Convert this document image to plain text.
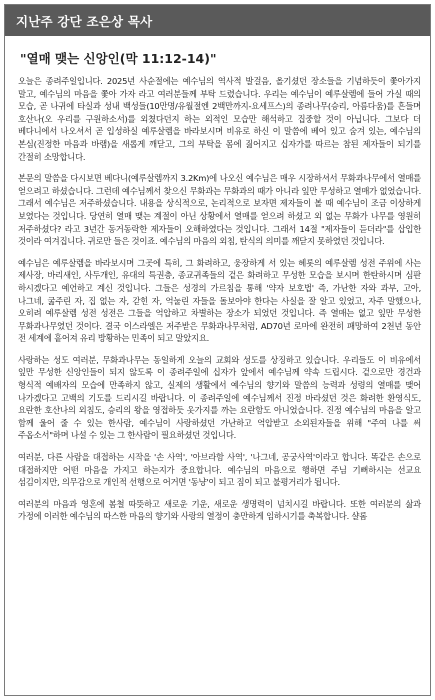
지난주 강단 조은상 목사
"열매 맺는 신앙인(막 11:12-14)"

오늘은 종려주일입니다. 2025년 사순절에는 예수님의 역사적 발걸음, 올기셨던 장소들을 기념하듯이 쫓아가지 말고, 예수님의 마음을 쫓아 가자 라고 여러분들께 부탁 드렸습니다. 우리는 예수님이 예루살렘에 들어 가실 때의 모습, 곧 나귀에 타실과 성내 백성들(10만명/유월절엔 2백만까지-요세프스)의 종려나무(승리, 아름다움)를 흔들며 호산나(오 우리를 구원하소서)를 외쳤다던지 하는 외적인 모습만 해석하고 집중할 것이 아닙니다. 그보다 더 베다니에서 나오셔서 곧 입성하실 예루살렘을 바라보시며 비유로 하신 이 말씀에 베어 있고 숨겨 있는, 예수님의 본심(진정한 마음과 바램)을 새롭게 깨닫고, 그의 부탁을 몸에 짊어지고 십자가를 따르는 참된 제자들이 되기를 간절히 소망합니다.

본문의 말씀을 다시보면 베다니(예루살렘까지 3.2Km)에 나오신 예수님은 매우 시장하셔서 무화과나무에서 열매를 얻으려고 하셨습니다. 그런데 예수님께서 찾으신 무화과는 무화과의 때가 아니라 잎만 무성하고 열매가 없었습니다. 그래서 예수님은 저주하셨습니다. 내용을 상식적으로, 논리적으로 보자면 제자들이 볼 때 예수님이 조금 이상하게 보였다는 것입니다. 당연히 열매 맺는 계절이 아닌 상황에서 열매를 얻으려 하셨고 외 없는 무화가 나무를 영원히 저주하셨다? 라고 3년간 동거동락한 제자들이 오해하였다는 것입니다. 그래서 14절 "제자들이 듣더라"를 삽입한 것이라 여겨집니다. 귀로만 들은 것이죠. 예수님의 마음의 외침, 탄식의 의미를 깨닫지 못하였던 것입니다.

예수님은 예루살렘을 바라보시며 그곳에 특히, 그 화려하고, 웅장하게 서 있는 헤롯의 예루살렘 성전 주위에 사는 제사장, 바리새인, 사두개인, 유대의 특권층, 종교귀족들의 겉은 화려하고 무성한 모습을 보시며 한탄하시며 심판 하시겠다고 예언하고 계신 것입니다. 그들은 성경의 가르침을 통해 '약자 보호법' 즉, 가난한 자와 과부, 고아, 나그네, 굶주린 자, 집 없는 자, 갇힌 자, 억눌린 자들을 돌보아야 한다는 사실을 잘 알고 있었고, 자주 말했으나, 오히려 예루살렘 성전 성전은 그들을 억압하고 차별하는 장소가 되었던 것입니다. 즉 열매는 없고 잎만 무성한 무화과나무였던 것이다. 결국 이스라엘은 저주받은 무화과나무처럼, AD70년 로마에 완전히 패망하여 2천년 동안 전 세계에 흩어져 유리 방황하는 민족이 되고 말았지요.

사랑하는 성도 여러분, 무화과나무는 동일하게 오늘의 교회와 성도를 상징하고 있습니다. 우리들도 이 비유에서 잎만 무성한 신앙인들이 되지 않도록 이 종려주일에 십자가 앞에서 예수님께 약속 드립시다. 겉으로만 경건과 형식적 예배자의 모습에 만족하지 않고, 실제의 생활에서 예수님의 향기와 말씀의 능력과 성령의 열매를 맺어 나가겠다고 고백의 기도를 드리시길 바랍니다. 이 종려주일에 예수님께서 진정 바라셨던 것은 화려한 환영식도, 요란한 호산나의 외침도, 승리의 왕을 영접하듯 옷가지를 까는 요란함도 아니었습니다. 진정 예수님의 마음을 알고 함께 울어 줄 수 있는 한사람, 예수님이 사랑하셨던 가난하고 억압받고 소외된자들을 위해 "주여 나를 써 주옵소서"하며 나설 수 있는 그 한사람이 필요하셨던 것입니다.

여러분, 다른 사람을 대접하는 시작을 '손 사역', '아브라함 사역', '나그네, 공궁사역'이라고 합니다. 똑같은 손으로 대접하지만 어떤 마음을 가지고 하는지가 중요합니다. 예수님의 마음으로 행하면 주님 기뻐하시는 선교요 섬김이지만, 의무감으로 개인적 선행으로 어거면 '동냥'이 되고 짐이 되고 불평거리가 됩니다.

여러분의 마음과 영혼에 봄철 따뜻하고 새로운 기운, 새로운 생명력이 넘치시길 바랍니다. 또한 여러분의 삶과 가정에 이러한 예수님의 따스한 마음의 향기와 사랑의 열정이 충만하게 임하시기를 축복합니다. 샬롬
